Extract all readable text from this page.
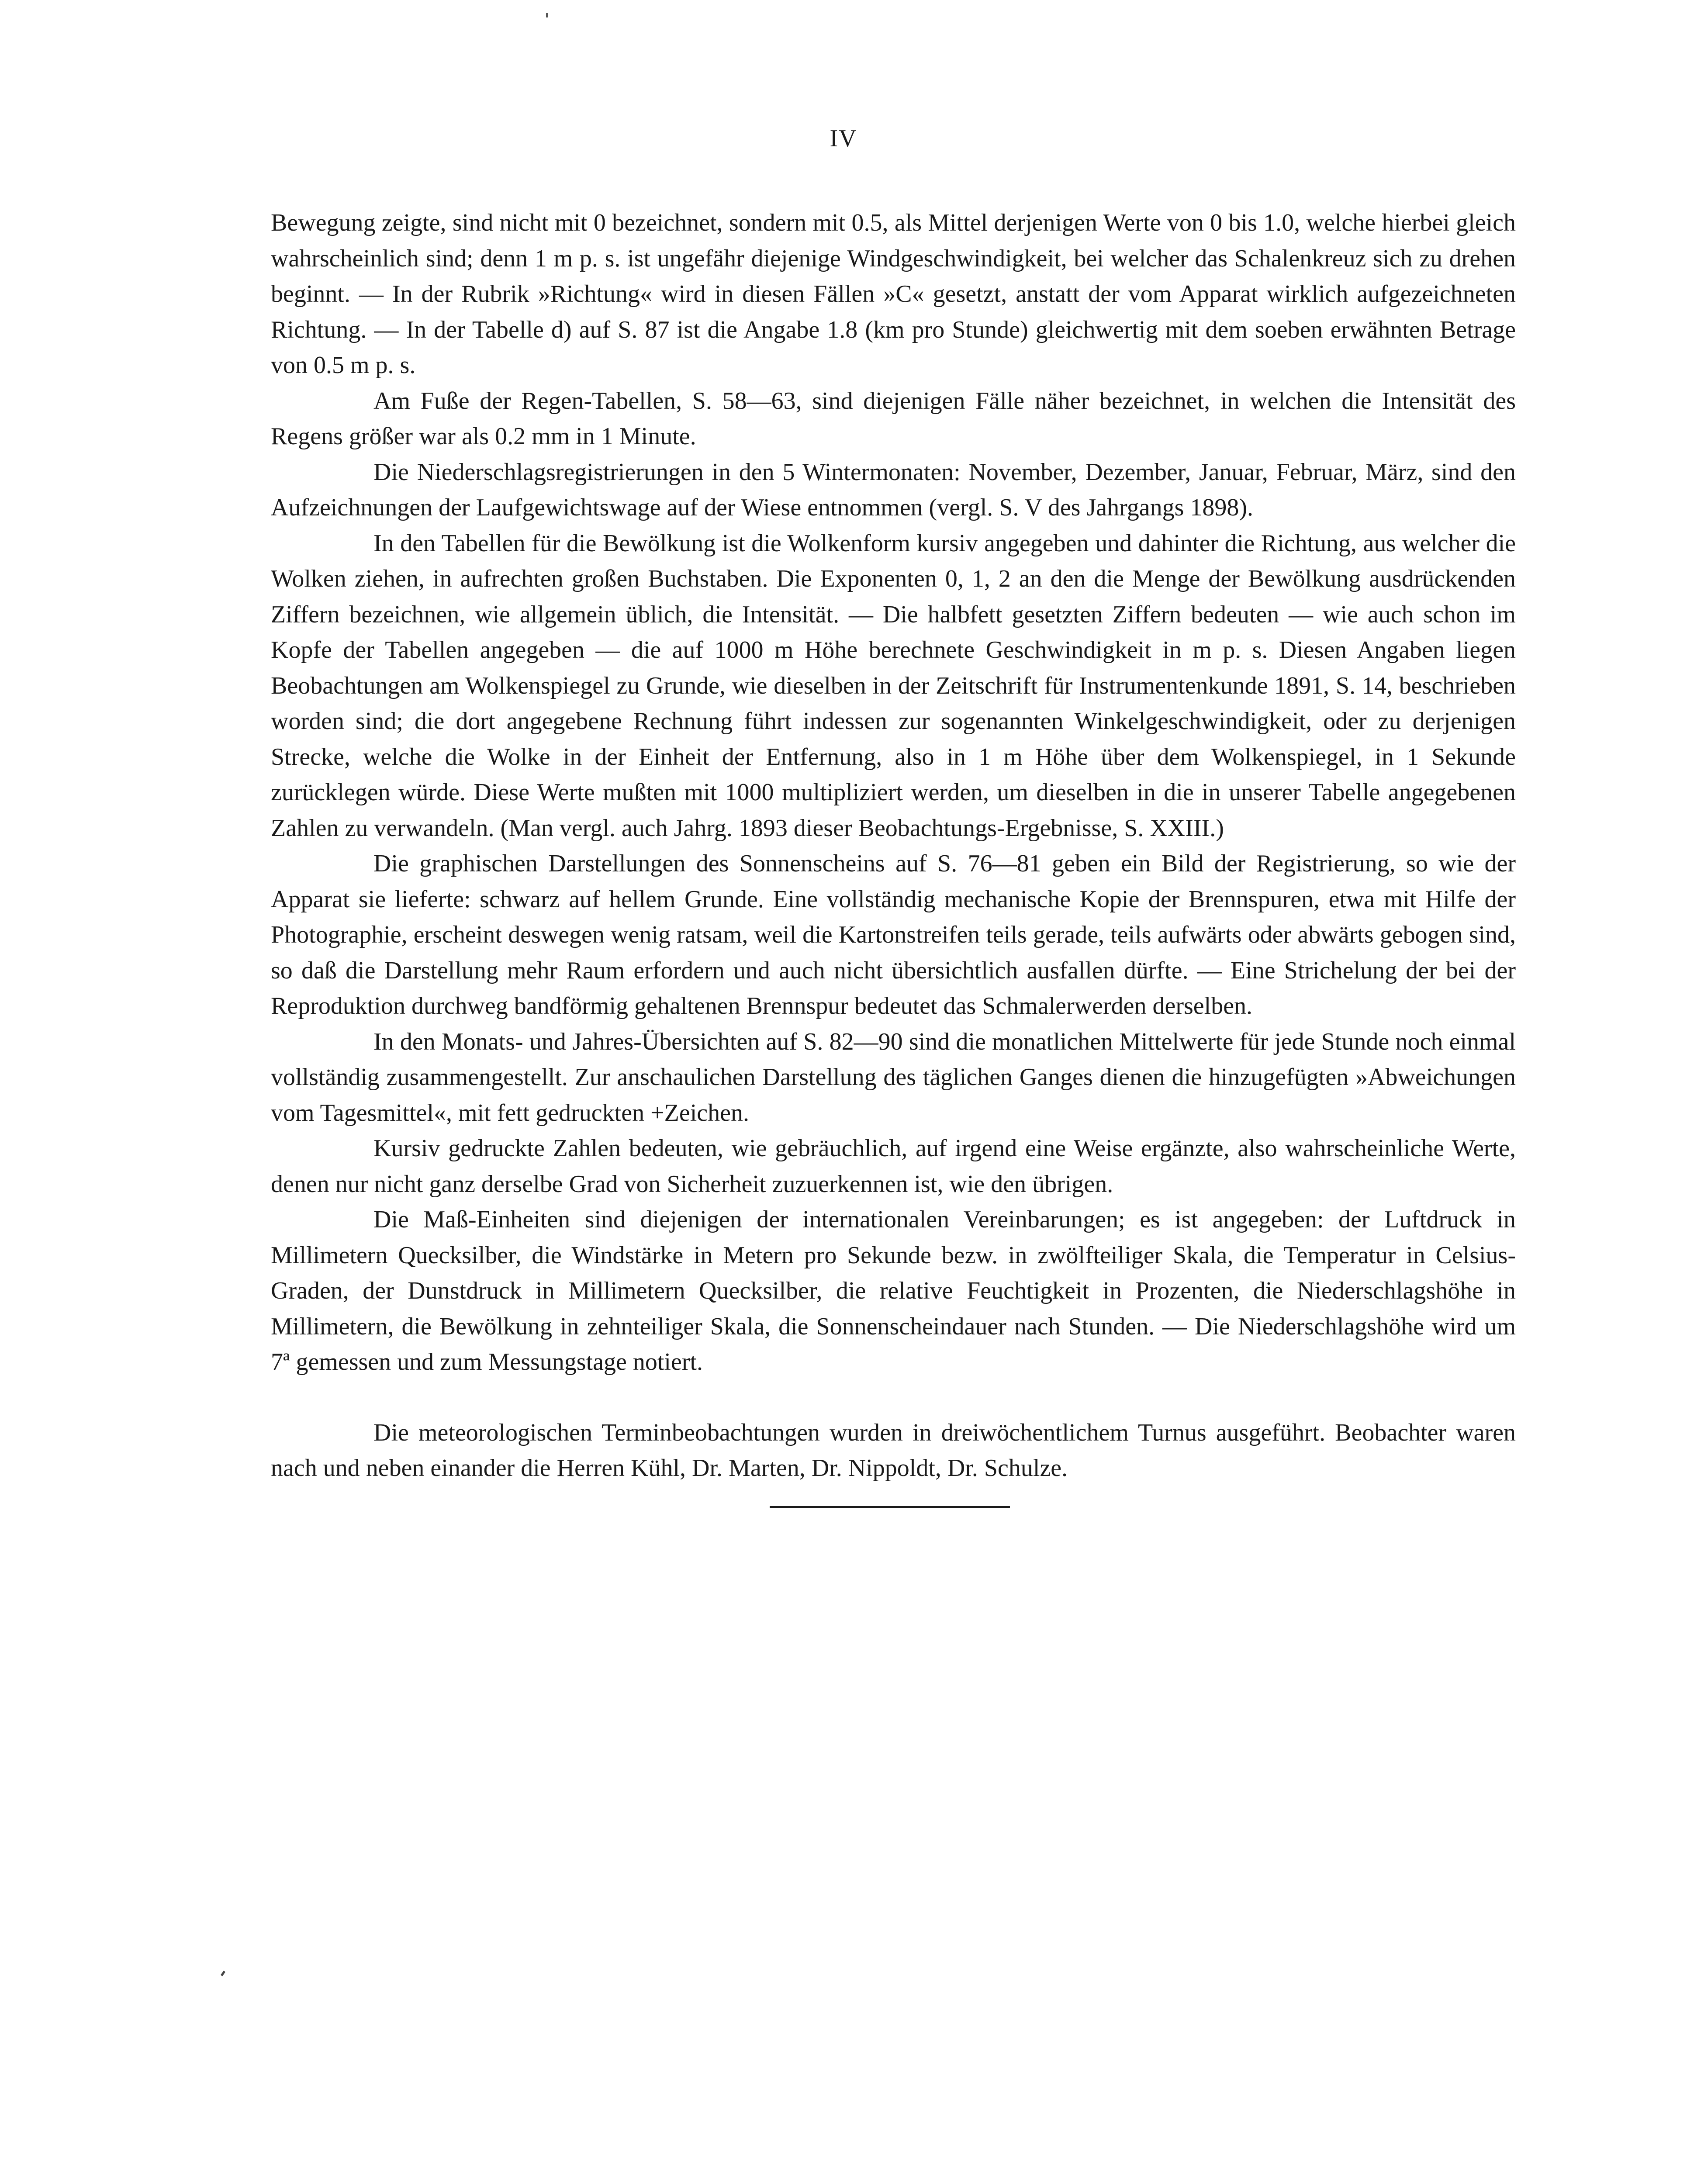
IV

Bewegung zeigte, sind nicht mit 0 bezeichnet, sondern mit 0.5, als Mittel derjenigen Werte von 0 bis 1.0, welche hierbei gleich wahrscheinlich sind; denn 1 m p. s. ist ungefähr diejenige Windgeschwindigkeit, bei welcher das Schalenkreuz sich zu drehen beginnt. — In der Rubrik »Richtung« wird in diesen Fällen »C« gesetzt, anstatt der vom Apparat wirklich aufgezeichneten Richtung. — In der Tabelle d) auf S. 87 ist die Angabe 1.8 (km pro Stunde) gleichwertig mit dem soeben erwähnten Betrage von 0.5 m p. s.

Am Fuße der Regen-Tabellen, S. 58—63, sind diejenigen Fälle näher bezeichnet, in welchen die Intensität des Regens größer war als 0.2 mm in 1 Minute.

Die Niederschlagsregistrierungen in den 5 Wintermonaten: November, Dezember, Januar, Februar, März, sind den Aufzeichnungen der Laufgewichtswage auf der Wiese entnommen (vergl. S. V des Jahrgangs 1898).

In den Tabellen für die Bewölkung ist die Wolkenform kursiv angegeben und dahinter die Richtung, aus welcher die Wolken ziehen, in aufrechten großen Buchstaben. Die Exponenten 0, 1, 2 an den die Menge der Bewölkung ausdrückenden Ziffern bezeichnen, wie allgemein üblich, die Intensität. — Die halbfett gesetzten Ziffern bedeuten — wie auch schon im Kopfe der Tabellen angegeben — die auf 1000 m Höhe berechnete Geschwindigkeit in m p. s. Diesen Angaben liegen Beobachtungen am Wolkenspiegel zu Grunde, wie dieselben in der Zeitschrift für Instrumentenkunde 1891, S. 14, beschrieben worden sind; die dort angegebene Rechnung führt indessen zur sogenannten Winkelgeschwindigkeit, oder zu derjenigen Strecke, welche die Wolke in der Einheit der Entfernung, also in 1 m Höhe über dem Wolkenspiegel, in 1 Sekunde zurücklegen würde. Diese Werte mußten mit 1000 multipliziert werden, um dieselben in die in unserer Tabelle angegebenen Zahlen zu verwandeln. (Man vergl. auch Jahrg. 1893 dieser Beobachtungs-Ergebnisse, S. XXIII.)

Die graphischen Darstellungen des Sonnenscheins auf S. 76—81 geben ein Bild der Registrierung, so wie der Apparat sie lieferte: schwarz auf hellem Grunde. Eine vollständig mechanische Kopie der Brennspuren, etwa mit Hilfe der Photographie, erscheint deswegen wenig ratsam, weil die Kartonstreifen teils gerade, teils aufwärts oder abwärts gebogen sind, so daß die Darstellung mehr Raum erfordern und auch nicht übersichtlich ausfallen dürfte. — Eine Strichelung der bei der Reproduktion durchweg bandförmig gehaltenen Brennspur bedeutet das Schmalerwerden derselben.

In den Monats- und Jahres-Übersichten auf S. 82—90 sind die monatlichen Mittelwerte für jede Stunde noch einmal vollständig zusammengestellt. Zur anschaulichen Darstellung des täglichen Ganges dienen die hinzugefügten »Abweichungen vom Tagesmittel«, mit fett gedruckten +Zeichen.

Kursiv gedruckte Zahlen bedeuten, wie gebräuchlich, auf irgend eine Weise ergänzte, also wahrscheinliche Werte, denen nur nicht ganz derselbe Grad von Sicherheit zuzuerkennen ist, wie den übrigen.

Die Maß-Einheiten sind diejenigen der internationalen Vereinbarungen; es ist angegeben: der Luftdruck in Millimetern Quecksilber, die Windstärke in Metern pro Sekunde bezw. in zwölfteiliger Skala, die Temperatur in Celsius-Graden, der Dunstdruck in Millimetern Quecksilber, die relative Feuchtigkeit in Prozenten, die Niederschlagshöhe in Millimetern, die Bewölkung in zehnteiliger Skala, die Sonnenscheindauer nach Stunden. — Die Niederschlagshöhe wird um 7ª gemessen und zum Messungstage notiert.

Die meteorologischen Terminbeobachtungen wurden in dreiwöchentlichem Turnus ausgeführt. Beobachter waren nach und neben einander die Herren Kühl, Dr. Marten, Dr. Nippoldt, Dr. Schulze.
